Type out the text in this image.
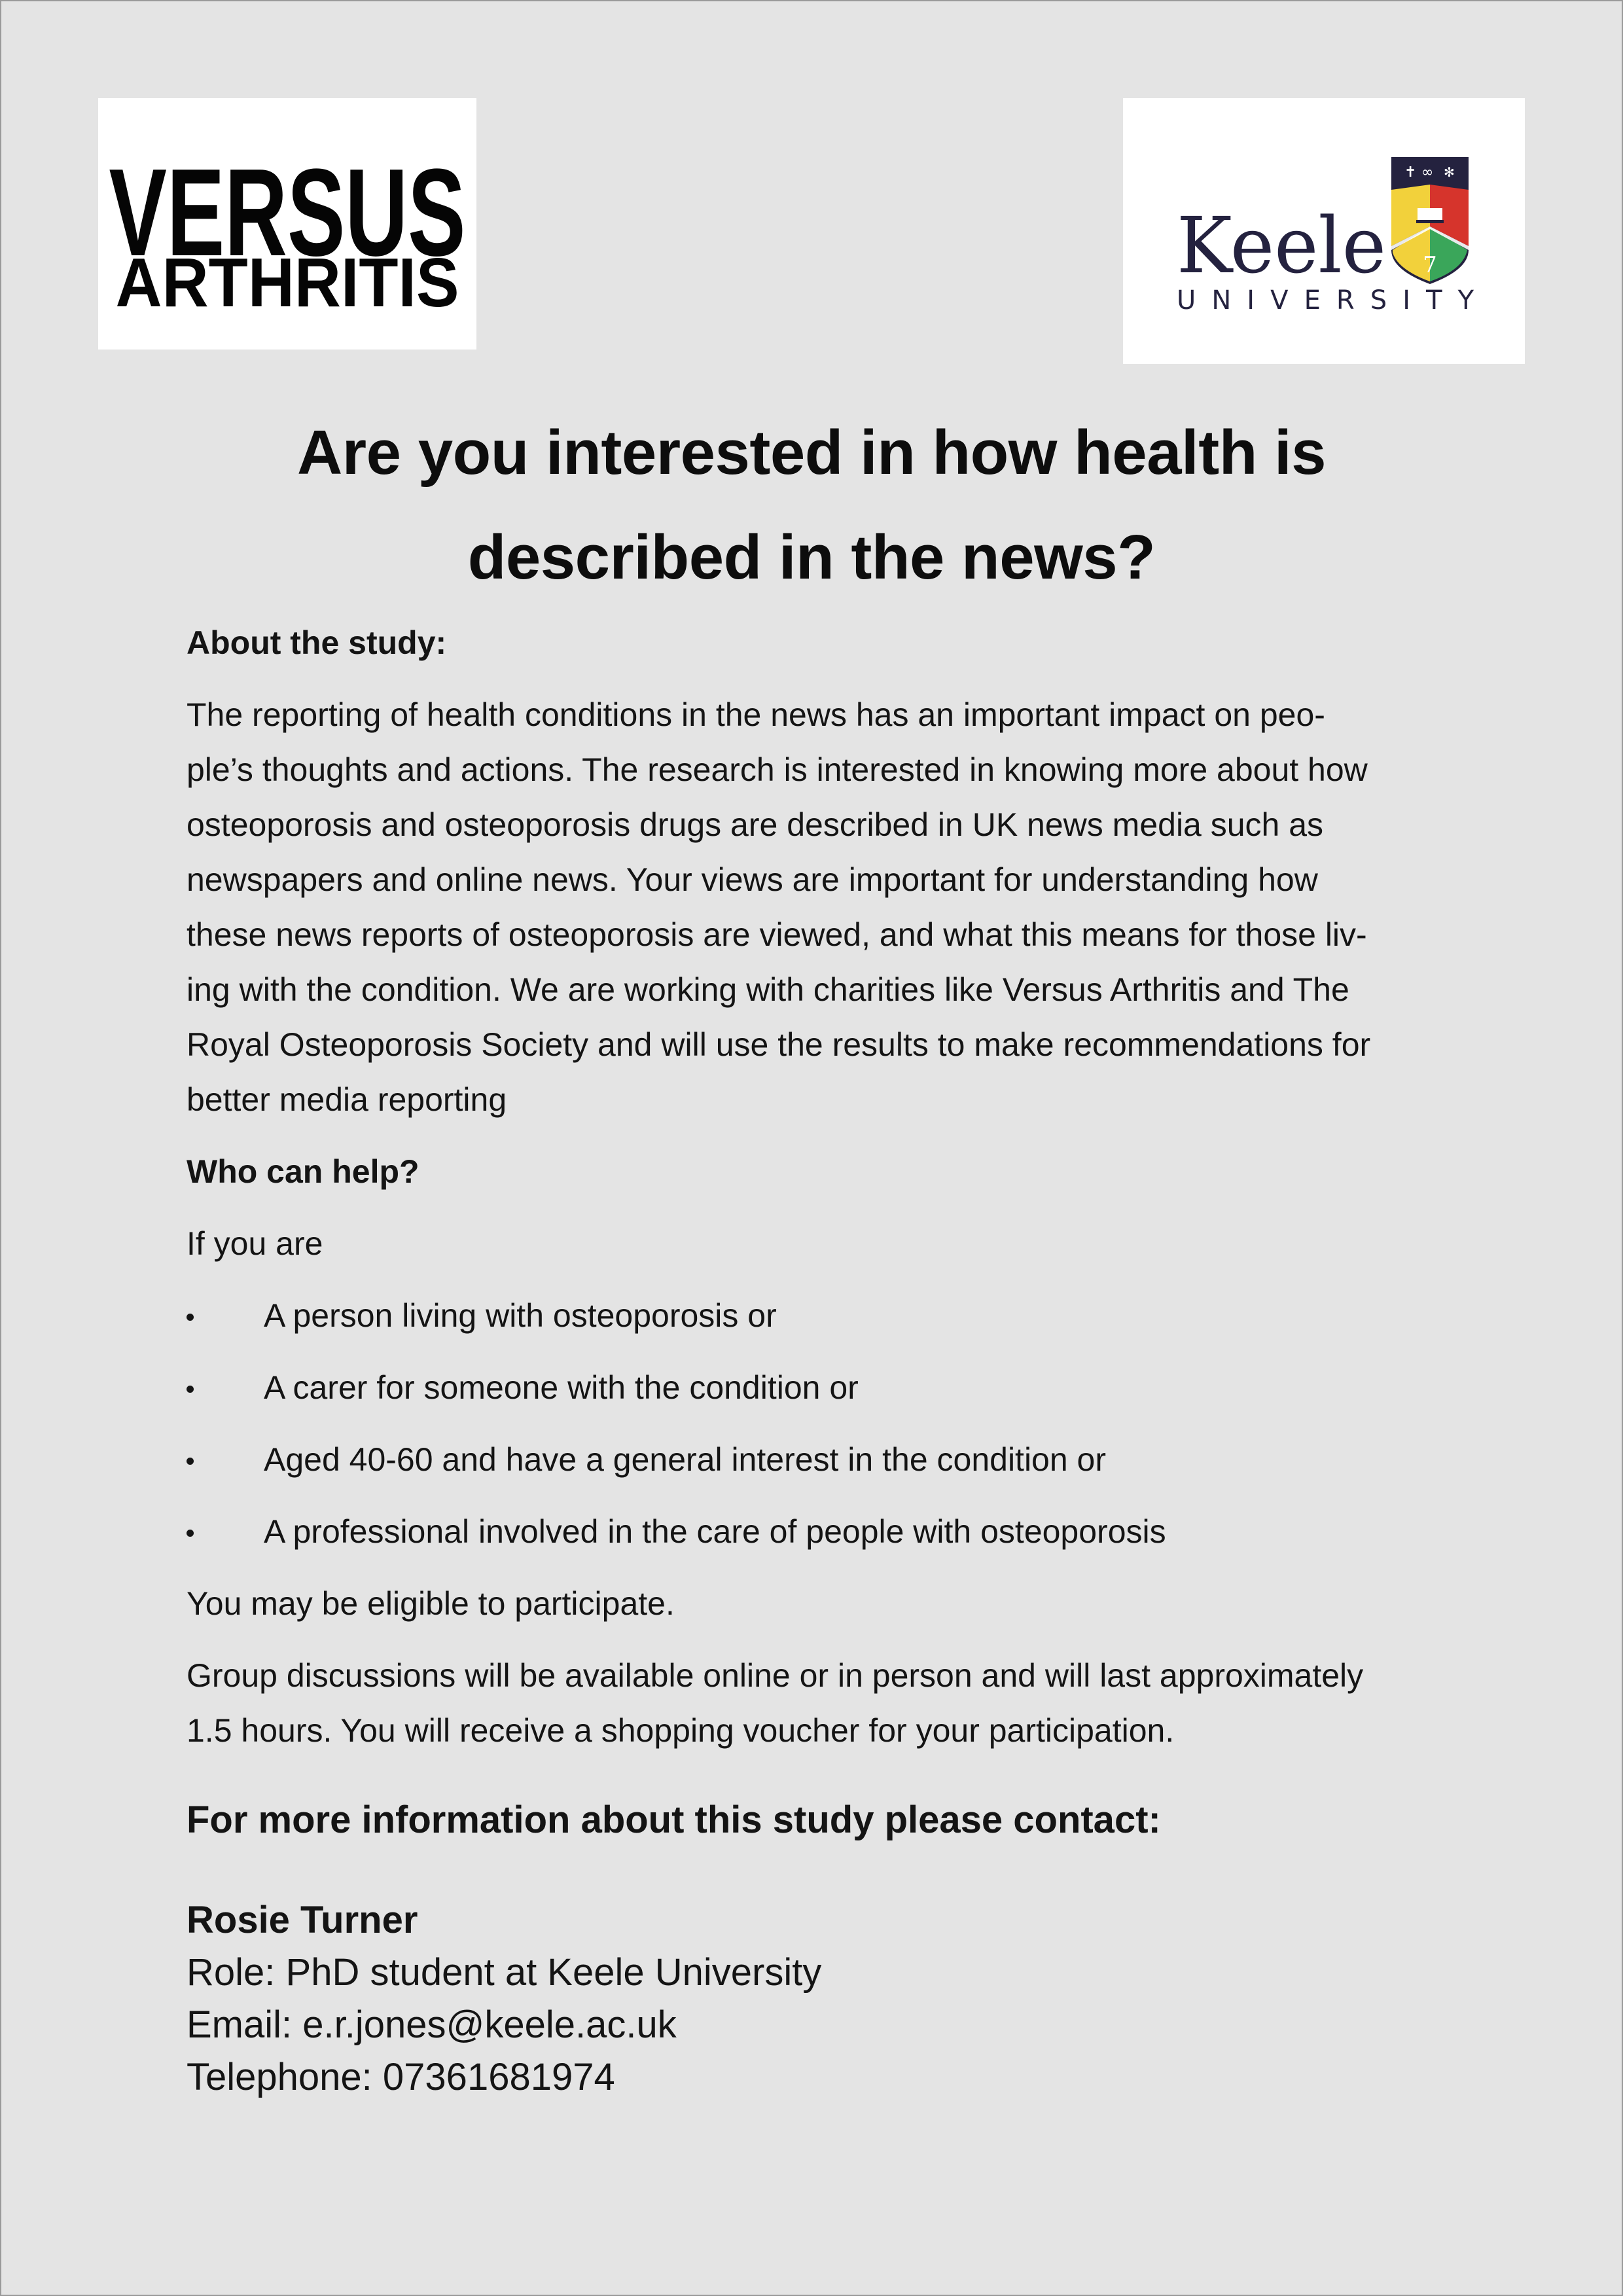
VERSUS
ARTHRITIS
✝ ∞ ✻
7
Keele
UNIVERSITY
Are you interested in how health is
described in the news?

About the study:

The reporting of health conditions in the news has an important impact on peo-
ple’s thoughts and actions. The research is interested in knowing more about how
osteoporosis and osteoporosis drugs are described in UK news media such as
newspapers and online news. Your views are important for understanding how
these news reports of osteoporosis are viewed, and what this means for those liv-
ing with the condition. We are working with charities like Versus Arthritis and The
Royal Osteoporosis Society and will use the results to make recommendations for
better media reporting

Who can help?

If you are

A person living with osteoporosis or
A carer for someone with the condition or
Aged 40-60 and have a general interest in the condition or
A professional involved in the care of people with osteoporosis

You may be eligible to participate.

Group discussions will be available online or in person and will last approximately
1.5 hours. You will receive a shopping voucher for your participation.

For more information about this study please contact:

Rosie Turner
Role: PhD student at Keele University
Email: e.r.jones@keele.ac.uk
Telephone: 07361681974
